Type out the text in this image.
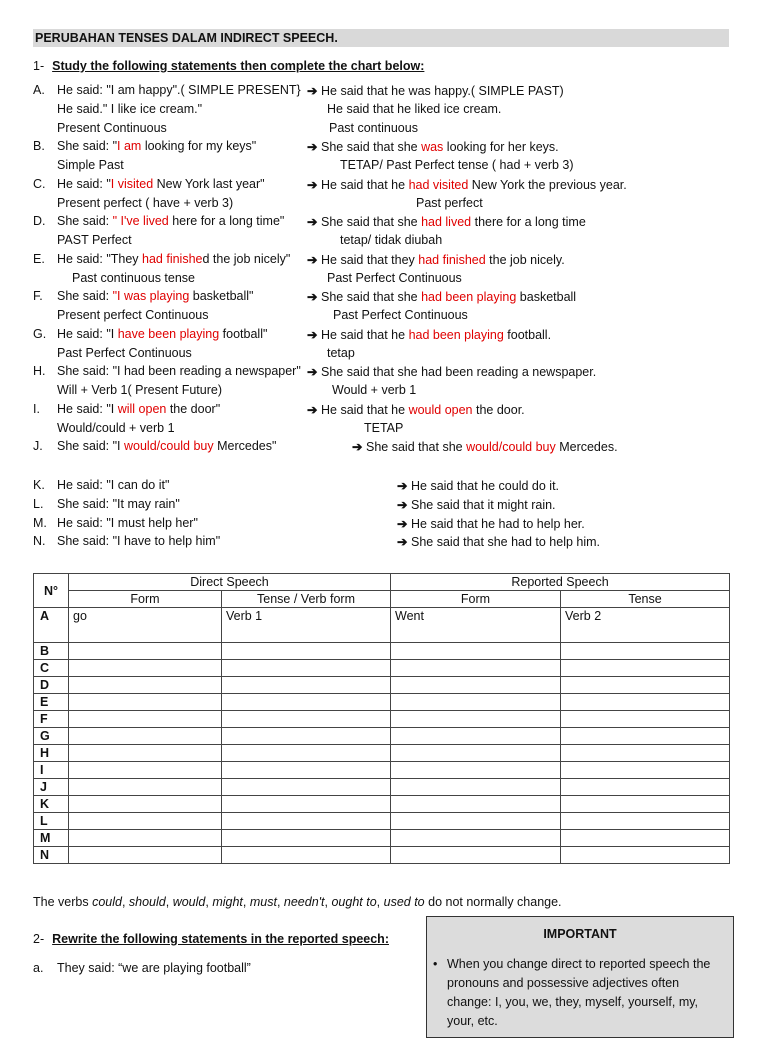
PERUBAHAN TENSES DALAM INDIRECT SPEECH.
1- Study the following statements then complete the chart below:
A. He said: "I am happy".( SIMPLE PRESENT} ➔ He said that he was happy.( SIMPLE PAST)
He said." I like ice cream."	He said that he liked ice cream.
Present Continuous	Past continuous
B. She said: "I am looking for my keys"	➔ She said that she was looking for her keys.
Simple Past	TETAP/ Past Perfect tense ( had + verb 3)
C. He said: "I visited New York last year"	➔ He said that he had visited New York the previous year.
Present perfect ( have + verb 3)	Past perfect
D. She said: " I've lived here for a long time" ➔ She said that she had lived there for a long time
PAST Perfect	tetap/ tidak diubah
E. He said: "They had finished the job nicely" ➔ He said that they had finished the job nicely.
Past continuous tense	Past Perfect Continuous
F. She said: "I was playing basketball"	➔ She said that she had been playing basketball
Present perfect Continuous	Past Perfect Continuous
G. He said: "I have been playing football"	➔ He said that he had been playing football.
Past Perfect Continuous	tetap
H. She said: "I had been reading a newspaper" ➔ She said that she had been reading a newspaper.
Will + Verb 1( Present Future)	Would + verb 1
I. He said: "I will open the door"	➔ He said that he would open the door.
Would/could + verb 1	TETAP
J. She said: "I would/could buy Mercedes"	➔ She said that she would/could buy Mercedes.
K. He said: "I can do it"	➔ He said that he could do it.
L. She said: "It may rain"	➔ She said that it might rain.
M. He said: "I must help her"	➔ He said that he had to help her.
N. She said: "I have to help him"	➔ She said that she had to help him.
N°	Direct Speech		Reported Speech	
	Form	Tense / Verb form	Form	Tense
A	go	Verb 1	Went	Verb 2
B				
C				
D				
E				
F				
G				
H				
I				
J				
K				
L				
M				
N				
The verbs could, should, would, might, must, needn't, ought to, used to do not normally change.
2- Rewrite the following statements in the reported speech:
a. They said: “we are playing football”
IMPORTANT
• When you change direct to reported speech the pronouns and possessive adjectives often change: I, you, we, they, myself, yourself, my, your, etc.
